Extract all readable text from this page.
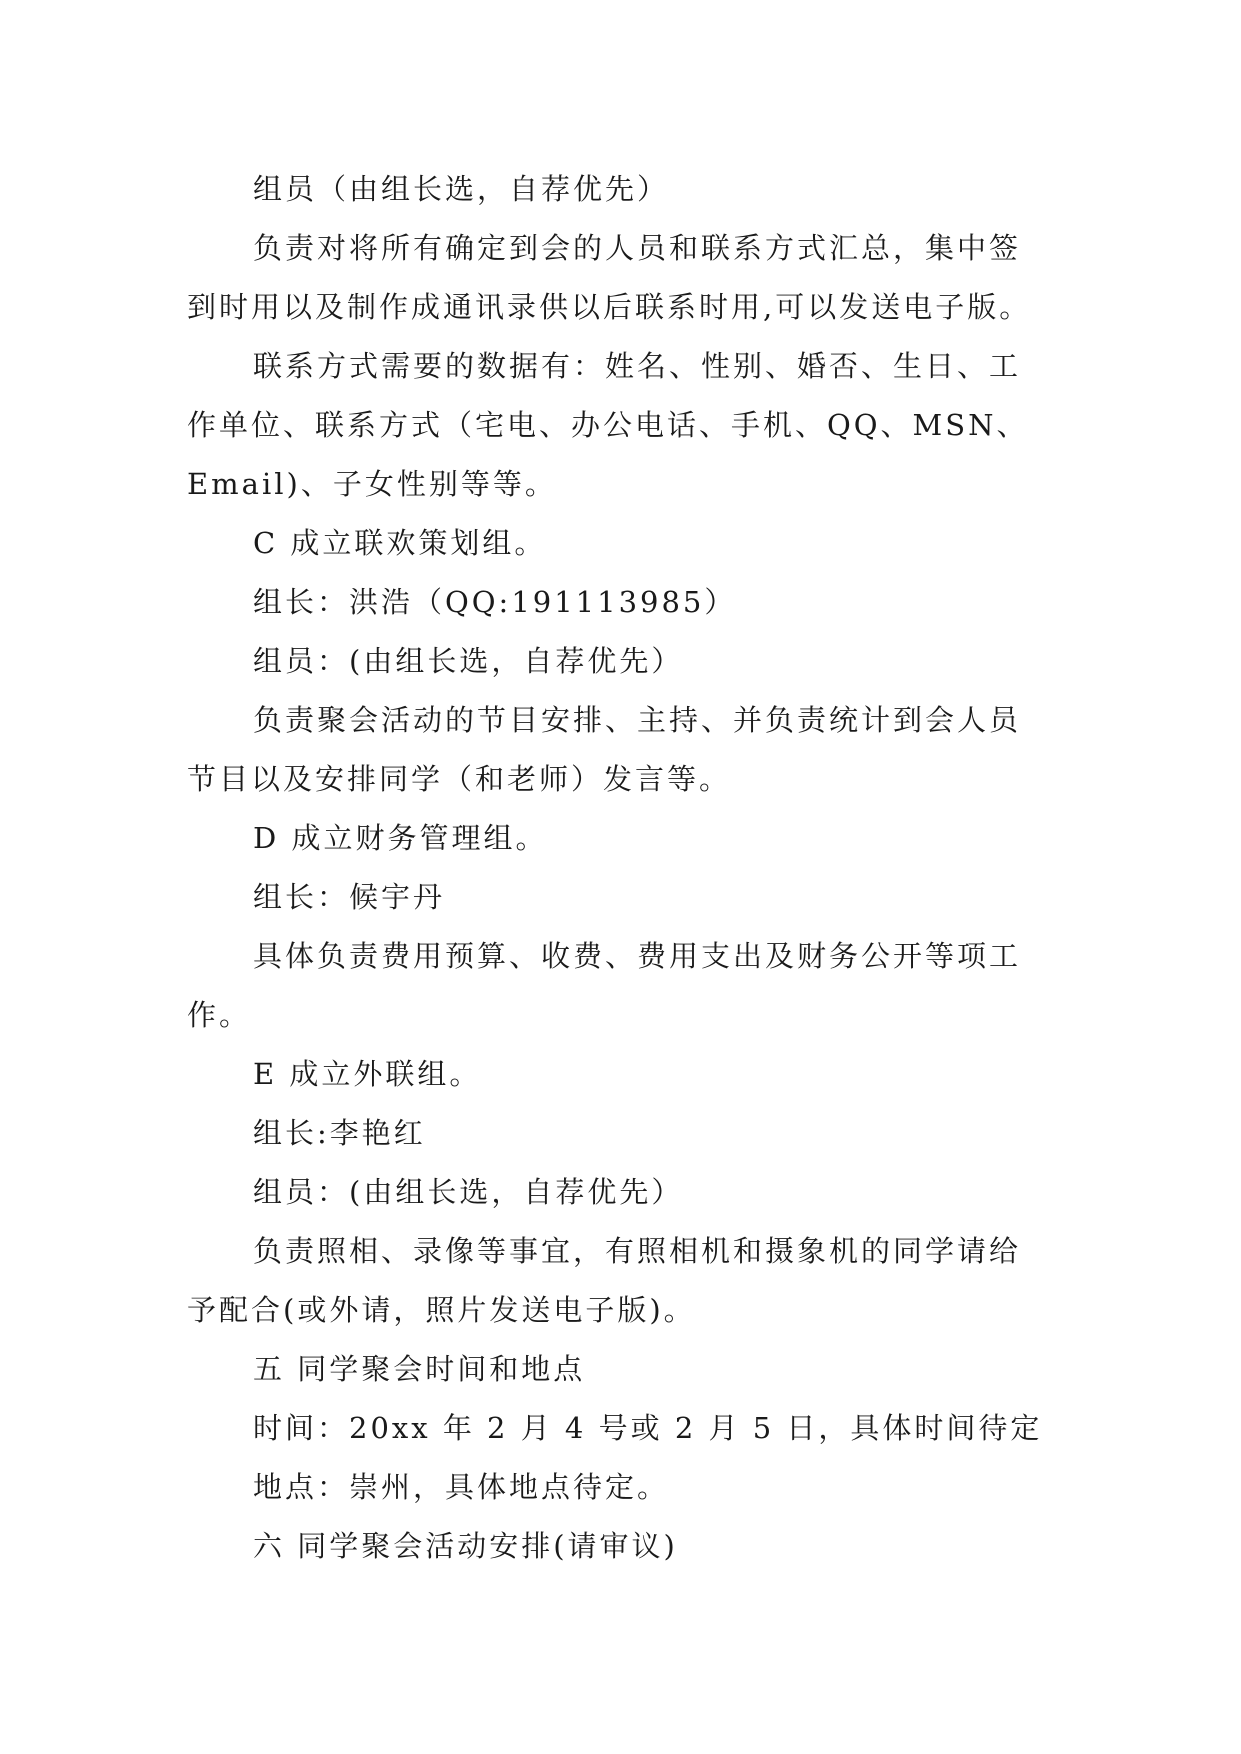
组员（由组长选，自荐优先）
负责对将所有确定到会的人员和联系方式汇总，集中签
到时用以及制作成通讯录供以后联系时用,可以发送电子版。
联系方式需要的数据有：姓名、性别、婚否、生日、工
作单位、联系方式（宅电、办公电话、手机、QQ、MSN、
Email)、子女性别等等。
C 成立联欢策划组。
组长：洪浩（QQ:191113985）
组员：(由组长选，自荐优先）
负责聚会活动的节目安排、主持、并负责统计到会人员
节目以及安排同学（和老师）发言等。
D 成立财务管理组。
组长：候宇丹
具体负责费用预算、收费、费用支出及财务公开等项工
作。
E 成立外联组。
组长:李艳红
组员：(由组长选，自荐优先）
负责照相、录像等事宜，有照相机和摄象机的同学请给
予配合(或外请，照片发送电子版)。
五 同学聚会时间和地点
时间：20xx 年 2 月 4 号或 2 月 5 日，具体时间待定
地点：崇州，具体地点待定。
六 同学聚会活动安排(请审议)
